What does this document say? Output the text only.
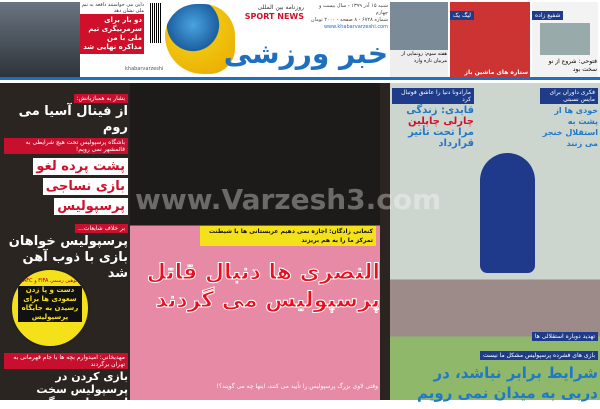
دایی می خواستند دافعه به تیم ملی نشان دهد
دو بار برای سرمربیگری تیم ملی با من مذاکره نهایی شد
روزنامه بین المللی
SPORT NEWS
khabarvarzeshi
شنبه ۱۵ آذر ۱۳۹۹ - سال بیست و چهارم
شماره ۶۷۲۸ - ۸ صفحه - ۲۰۰۰ تومان
www.khabarvarzeshi.com
خبر ورزشی	هفته سوم: رونمایی از مربیان تازه وارد
لیگ یک
ستاره های ماشین باز
شفیع زاده
فتوحی: شروع از نو سخت بود
بشار به همبازیانش:
از فینال آسیا می روم
باشگاه پرسپولیس تحت هیچ شرایطی به قائمشهر نمی رویم!
پشت پرده لغو
بازی نساجی
پرسپولیس
بر خلاف شایعات...
پرسپولیس خواهان بازی با ذوب آهن شد
توهین رسمی FIFA و AFC
دست و پا زدن سعودی ها برای رسیدن به جایگاه پرسپولیس
مهدیخانی: امیدوارم بچه ها با جام قهرمانی به تهران برگردند
بازی کردن در پرسپولیس سخت است، باید بجنگم
www.Varzesh3.com
کنعانی زادگان: اجازه نمی دهیم عربستانی ها با شیطنت تمرکز ما را به هم بریزند
النصری ها دنبال قاتل
پرسپولیس می گردند
وقتی لاوی بزرگ پرسپولیس را تأیید می کنند، اینها چه می گویند؟!
مارادونا دنیا را عاشق فوتبال کرد
قایدی: زندگی
چارلی چاپلین
مرا تحت تأثیر قرارداد
فکری داوران برای مایس نسبتی
خودی ها از پشت به استقلال خنجر می زنند
تهدید دوباره استقلالی ها
بازی های فشرده پرسپولیس مشکل ما نیست
شرایط برابر نباشد، در دربی به میدان نمی رویم
